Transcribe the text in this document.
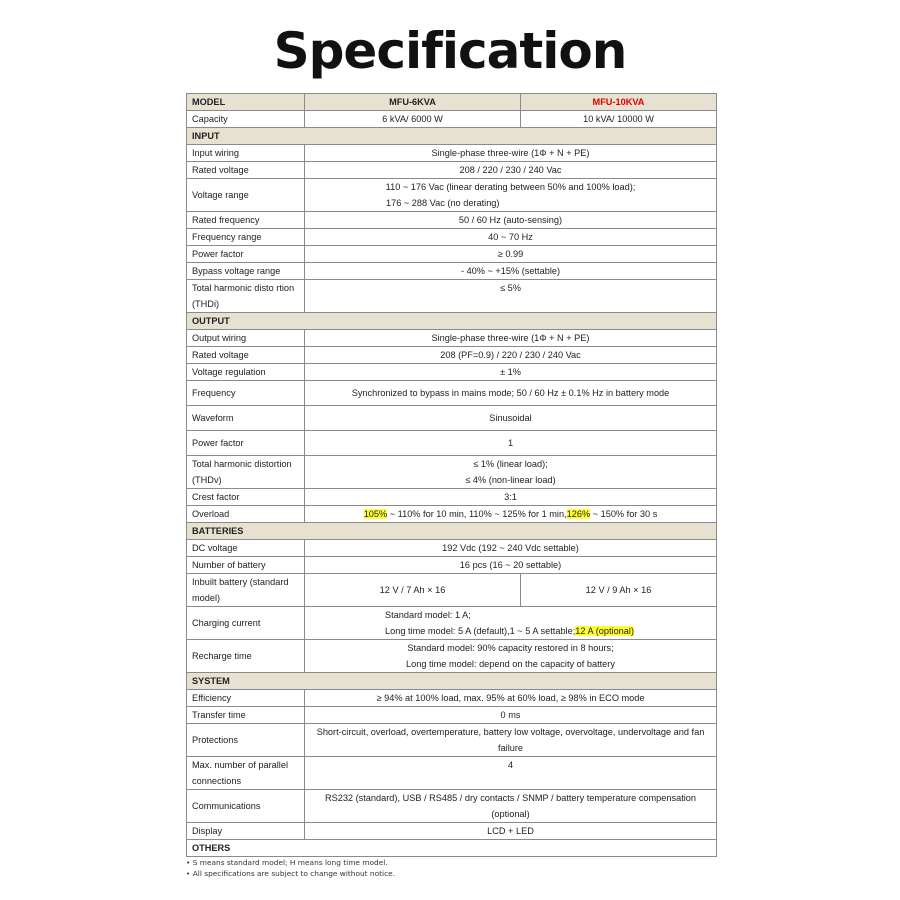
Specification
MODEL	MFU-6KVA	MFU-10KVA
Capacity	6 kVA/ 6000 W	10 kVA/ 10000 W
INPUT		
Input wiring	Single-phase three-wire (1Φ + N + PE)	
Rated voltage	208 / 220 / 230 / 240 Vac	
Voltage range	110 ~ 176 Vac (linear derating between 50% and 100% load);
176 ~ 288 Vac (no derating)	

Rated frequency	50 / 60 Hz (auto-sensing)	
Frequency range	40 ~ 70 Hz	
Power factor	≥ 0.99	
Bypass voltage range	- 40% ~ +15% (settable)	

Total harmonic disto rtion
(THDi)	≤ 5%	
OUTPUT		
Output wiring	Single-phase three-wire (1Φ + N + PE)	
Rated voltage	208 (PF=0.9) / 220 / 230 / 240 Vac	
Voltage regulation	± 1%	
Frequency	Synchronized to bypass in mains mode; 50 / 60 Hz ± 0.1% Hz in battery mode	
Waveform	Sinusoidal	
Power factor	1	

Total harmonic distortion
(THDv)	≤ 1% (linear load);
≤ 4% (non-linear load)	

Crest factor	3:1	
Overload	105% ~ 110% for 10 min, 110% ~ 125% for 1 min,126% ~ 150% for 30 s	
BATTERIES		
DC voltage	192 Vdc (192 ~ 240 Vdc settable)	
Number of battery	16 pcs (16 ~ 20 settable)	

Inbuilt battery (standard
model)	12 V / 7 Ah × 16	12 V / 9 Ah × 16
Charging current	Standard model: 1 A;
Long time model: 5 A (default),1 ~ 5 A settable;12 A (optional)	

Recharge time	Standard model: 90% capacity restored in 8 hours;
Long time model: depend on the capacity of battery	

SYSTEM		
Efficiency	≥ 94% at 100% load, max. 95% at 60% load, ≥ 98% in ECO mode	
Transfer time	0 ms	
Protections	Short-circuit, overload, overtemperature, battery low voltage, overvoltage, undervoltage and fan
failure	

Max. number of parallel
connections	4	
Communications	RS232 (standard), USB / RS485 / dry contacts / SNMP / battery temperature compensation
(optional)	

Display	LCD + LED	
OTHERS		
• S means standard model; H means long time model.
• All specifications are subject to change without notice.
